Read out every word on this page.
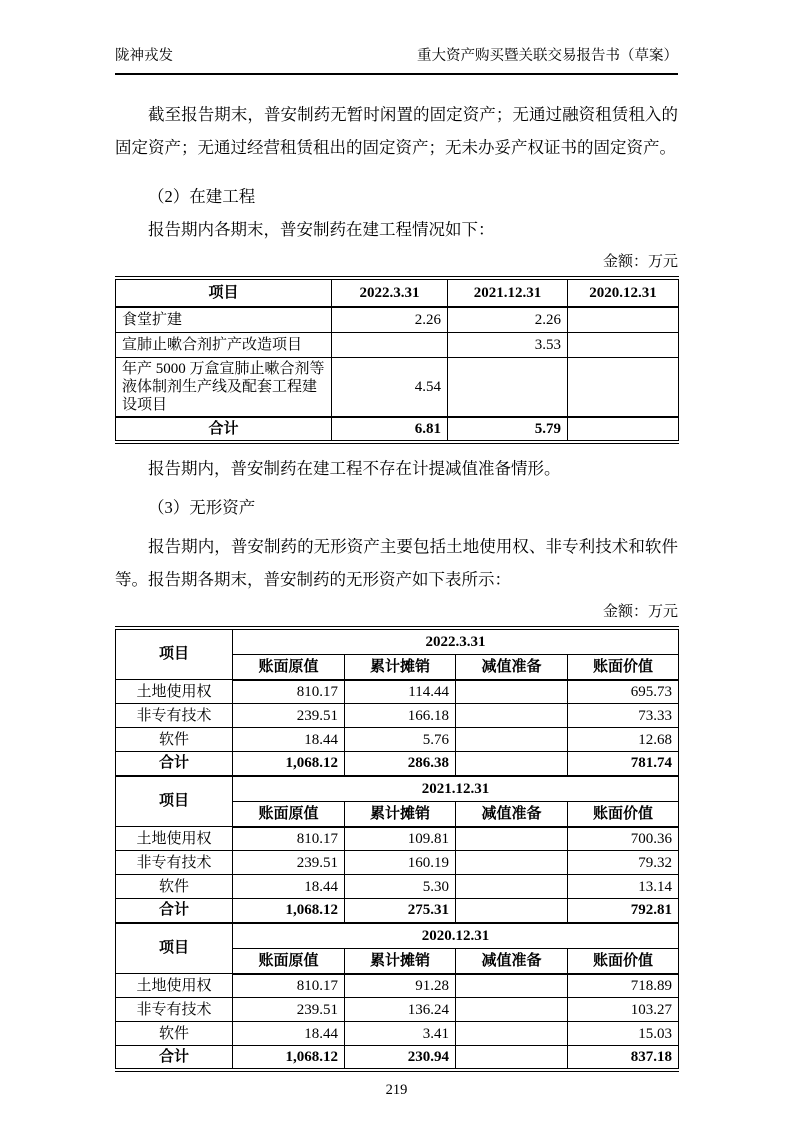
陇神戎发	重大资产购买暨关联交易报告书（草案）

截至报告期末，普安制药无暂时闲置的固定资产；无通过融资租赁租入的固定资产；无通过经营租赁租出的固定资产；无未办妥产权证书的固定资产。

（2）在建工程

报告期内各期末，普安制药在建工程情况如下：

金额：万元
项目	2022.3.31	2021.12.31	2020.12.31
食堂扩建	2.26	2.26	
宣肺止嗽合剂扩产改造项目		3.53	
年产 5000 万盒宣肺止嗽合剂等液体制剂生产线及配套工程建设项目	4.54		
合计	6.81	5.79	

报告期内，普安制药在建工程不存在计提减值准备情形。

（3）无形资产

报告期内，普安制药的无形资产主要包括土地使用权、非专利技术和软件等。报告期各期末，普安制药的无形资产如下表所示：

金额：万元
项目	2022.3.31			
	账面原值	累计摊销	减值准备	账面价值
土地使用权	810.17	114.44		695.73
非专有技术	239.51	166.18		73.33
软件	18.44	5.76		12.68
合计	1,068.12	286.38		781.74
项目	2021.12.31			
	账面原值	累计摊销	减值准备	账面价值
土地使用权	810.17	109.81		700.36
非专有技术	239.51	160.19		79.32
软件	18.44	5.30		13.14
合计	1,068.12	275.31		792.81
项目	2020.12.31			
	账面原值	累计摊销	减值准备	账面价值
土地使用权	810.17	91.28		718.89
非专有技术	239.51	136.24		103.27
软件	18.44	3.41		15.03
合计	1,068.12	230.94		837.18
219
